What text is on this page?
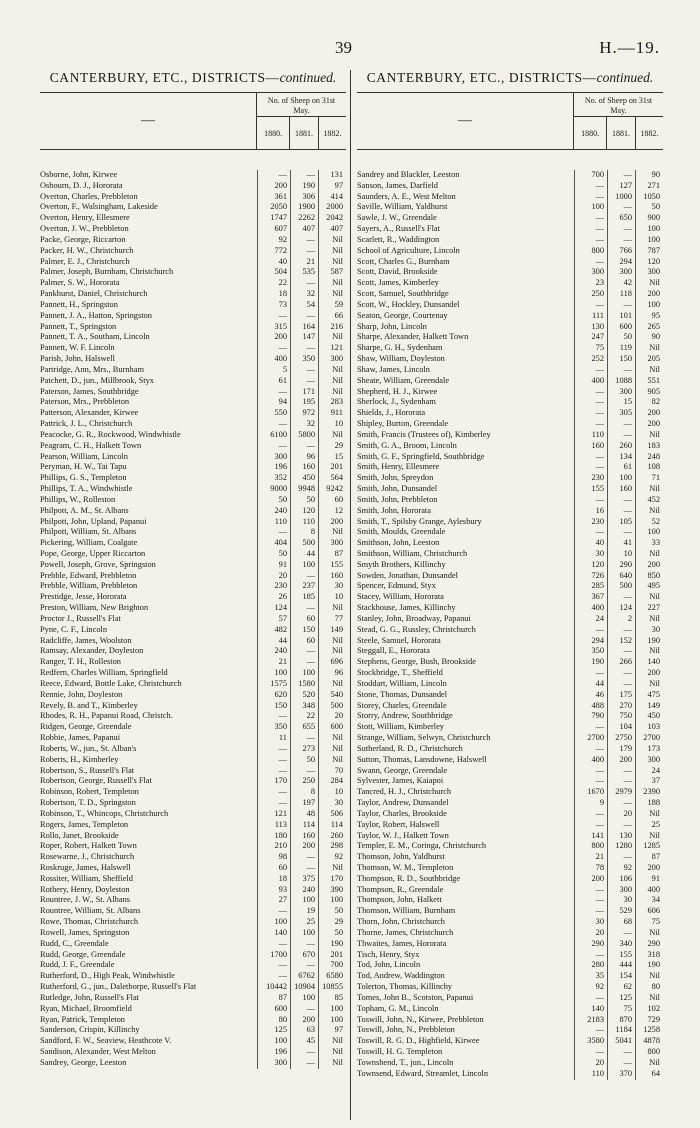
39	H.—19.
CANTERBURY, ETC., DISTRICTS—continued.
—
No. of Sheep on 31st May.
1880.	1881.	1882.
Osborne, John, Kirwee	—	—	131
Osbourn, D. J., Hororata	200	190	97
Overton, Charles, Prebbleton	361	306	414
Overton, F., Walsingham, Lakeside	2050	1900	2000
Overton, Henry, Ellesmere	1747	2262	2042
Overton, J. W., Prebbleton	607	407	407
Packe, George, Riccarton	92	—	Nil
Packer, H. W., Christchurch	772	—	Nil
Palmer, E. J., Christchurch	40	21	Nil
Palmer, Joseph, Burnham, Christchurch	504	535	587
Palmer, S. W., Hororata	22	—	Nil
Pankhurst, Daniel, Christchurch	18	32	Nil
Pannett, H., Springston	73	54	59
Pannett, J. A., Hatton, Springston	—	—	66
Pannett, T., Springston	315	164	216
Pannett, T. A., Southam, Lincoln	200	147	Nil
Pannett, W. F. Lincoln	—	—	121
Parish, John, Halswell	400	350	300
Partridge, Ann, Mrs., Burnham	5	—	Nil
Patchett, D., jun., Millbrook, Styx	61	—	Nil
Paterson, James, Southbridge	—	171	Nil
Paterson, Mrs., Prebbleton	94	195	283
Patterson, Alexander, Kirwee	550	972	911
Pattrick, J. L., Christchurch	—	32	10
Peacocke, G. R., Rockwood, Windwhistle	6100	5800	Nil
Peagram, C. H., Halkett Town	—	—	29
Pearson, William, Lincoln	300	96	15
Peryman, H. W., Tai Tapu	196	160	201
Phillips, G. S., Templeton	352	450	564
Phillips, T. A., Windwhistle	9000	9948	9242
Phillips, W., Rolleston	50	50	60
Philpott, A. M., St. Albans	240	120	12
Philpott, John, Upland, Papanui	110	110	200
Philpott, William, St. Albans	—	8	Nil
Pickering, William, Coalgate	404	500	300
Pope, George, Upper Riccarton	50	44	87
Powell, Joseph, Grove, Springston	91	100	155
Prebble, Edward, Prebbleton	20	—	160
Prebble, William, Prebbleton	230	237	30
Prestidge, Jesse, Hororata	26	185	10
Preston, William, New Brighton	124	—	Nil
Proctor J., Russell's Flat	57	60	77
Pyne, C. F., Lincoln	482	150	149
Radcliffe, James, Woolston	44	60	Nil
Ramsay, Alexander, Doyleston	240	—	Nil
Ranger, T. H., Rolleston	21	—	696
Redfern, Charles William, Springfield	100	100	96
Reece, Edward, Bottle Lake, Christchurch	1575	1580	Nil
Rennie, John, Doyleston	620	520	540
Revely, B. and T., Kimberley	150	348	500
Rhodes, R. H., Papanui Road, Christch.	—	22	20
Ridgen, George, Greendale	350	655	600
Robbie, James, Papanui	11	—	Nil
Roberts, W., jun., St. Alban's	—	273	Nil
Roberts, H., Kimberley	—	50	Nil
Robertson, S., Russell's Flat	—	—	70
Robertson, George, Russell's Flat	170	250	284
Robinson, Robert, Templeton	—	8	10
Robertson, T. D., Springston	—	197	30
Robinson, T., Whincops, Christchurch	121	48	506
Rogers, James, Templeton	113	114	114
Rollo, Janet, Brookside	180	160	260
Roper, Robert, Halkett Town	210	200	298
Rosewarne, J., Christchurch	98	—	92
Roskruge, James, Halswell	60	—	Nil
Rossiter, William, Sheffield	18	375	170
Rothery, Henry, Doyleston	93	240	390
Rountree, J. W., St. Albans	27	100	100
Rountree, William, St. Albans	—	19	50
Rowe, Thomas, Christchurch	100	25	29
Rowell, James, Springston	140	100	50
Rudd, C., Greendale	—	—	190
Rudd, George, Greendale	1700	670	201
Rudd, J. F., Greendale	—	—	700
Rutherford, D., High Peak, Windwhistle	—	6762	6580
Rutherford, G., jun., Daletborpe, Russell's Flat	10442 10904 10855
Rutledge, John, Russell's Flat	87	100	85
Ryan, Michael, Broomfield	600	—	100
Ryan, Patrick, Templeton	80	200	100
Sanderson, Crispin, Killinchy	125	63	97
Sandford, F. W., Seaview, Heathcote V.	100	45	Nil
Sandison, Alexander, West Melton	196	—	Nil
Sandrey, George, Leeston	300	—	Nil
CANTERBURY, ETC., DISTRICTS—continued.
—
No. of Sheep on 31st May.
1880.	1881.	1882.
Sandrey and Blackler, Leeston	700	—	90
Sanson, James, Darfield	—	127	271
Saunders, A. E., West Melton	—	1000	1050
Saville, William, Yaldhurst	100	—	50
Sawle, J. W., Greendale	—	650	900
Sayers, A., Russell's Flat	—	—	100
Scarlett, R., Waddington	—	—	100
School of Agriculture, Lincoln	800	766	787
Scott, Charles G., Burnham	—	294	120
Scott, David, Brookside	300	300	300
Scott, James, Kimberley	23	42	Nil
Scott, Samuel, Southbridge	250	118	200
Scott, W., Hockley, Dunsandel	—	—	100
Seaton, George, Courtenay	111	101	95
Sharp, John, Lincoln	130	600	265
Sharpe, Alexander, Halkett Town	247	50	90
Sharpe, G. H., Sydenham	75	119	Nil
Shaw, William, Doyleston	252	150	205
Shaw, James, Lincoln	—	—	Nil
Sheate, William, Greendale	400	1088	551
Shepherd, H. J., Kirwee	—	300	905
Sherlock, J., Sydenham	—	15	82
Shields, J., Hororata	—	305	200
Shipley, Burton, Greendale	—	—	200
Smith, Francis (Trustees of), Kimberley	110	—	Nil
Smith, G. A., Broom, Lincoln	160	260	183
Smith, G. F., Springfield, Southbridge	—	134	248
Smith, Henry, Ellesmere	—	61	108
Smith, John, Spreydon	230	100	71
Smith, John, Dunsandel	155	160	Nil
Smith, John, Prebbleton	—	—	452
Smith, John, Hororata	16	—	Nil
Smith, T., Spilsby Grange, Aylesbury	230	105	52
Smith, Moulds, Greendale	—	—	100
Smithson, John, Leeston	40	41	33
Smithson, William, Christchurch	30	10	Nil
Smyth Brothers, Killinchy	120	290	200
Sowden, Jonathan, Dunsandel	726	640	850
Spencer, Edmund, Styx	285	500	495
Stacey, William, Hororata	367	—	Nil
Stackhouse, James, Killinchy	400	124	227
Stanley, John, Broadway, Papanui	24	2	Nil
Stead, G. G., Russley, Christchurch	—	—	30
Steele, Samuel, Hororata	294	152	190
Steggall, E., Hororata	350	—	Nil
Stephens, George, Bush, Brookside	190	266	140
Stockbridge, T., Sheffield	—	—	200
Stoddart, William, Lincoln	44	—	Nil
Stone, Thomas, Dunsandel	46	175	475
Storey, Charles, Greendale	488	270	149
Storry, Andrew, Southbridge	790	750	450
Stott, William, Kimberley	—	104	103
Strange, William, Selwyn, Christchurch	2700	2750	2700
Sutherland, R. D., Christchurch	—	179	173
Sutton, Thomas, Lansdowne, Halswell	400	200	300
Swann, George, Greendale	—	—	24
Sylvester, James, Kaiapoi	—	—	37
Tancred, H. J., Christchurch	1670	2979	2390
Taylor, Andrew, Dunsandel	9	—	188
Taylor, Charles, Brookside	—	20	Nil
Taylor, Robert, Halswell	—	—	25
Taylor, W. J., Halkett Town	141	130	Nil
Templer, E. M., Coringa, Christchurch	800	1280	1285
Thomson, John, Yaldhurst	21	—	87
Thomson, W. M., Templeton	78	92	200
Thompson, R. D., Southbridge	200	106	91
Thompson, R., Greendale	—	300	400
Thompson, John, Halkett	—	30	34
Thomson, William, Burnham	—	529	606
Thorn, John, Christchurch	30	68	75
Thorne, James, Christchurch	20	—	Nil
Thwaites, James, Hororata	290	340	290
Tisch, Henry, Styx	—	155	318
Tod, John, Lincoln	280	444	190
Tod, Andrew, Waddington	35	154	Nil
Tolerton, Thomas, Killinchy	92	62	80
Tomes, John B., Scotston, Papanui	—	125	Nil
Topham, G. M., Lincoln	140	75	102
Toswill, John, N., Kirwee, Prebbleton	2183	870	729
Toswill, John, N., Prebbleton	—	1184	1258
Toswill, R. G. D., Highfield, Kirwee	3580	5041	4878
Toswill, H. G. Templeton	—	—	800
Townshend, T., jun., Lincoln	20	—	Nil
Townsend, Edward, Streamlet, Lincoln	110	370	64
